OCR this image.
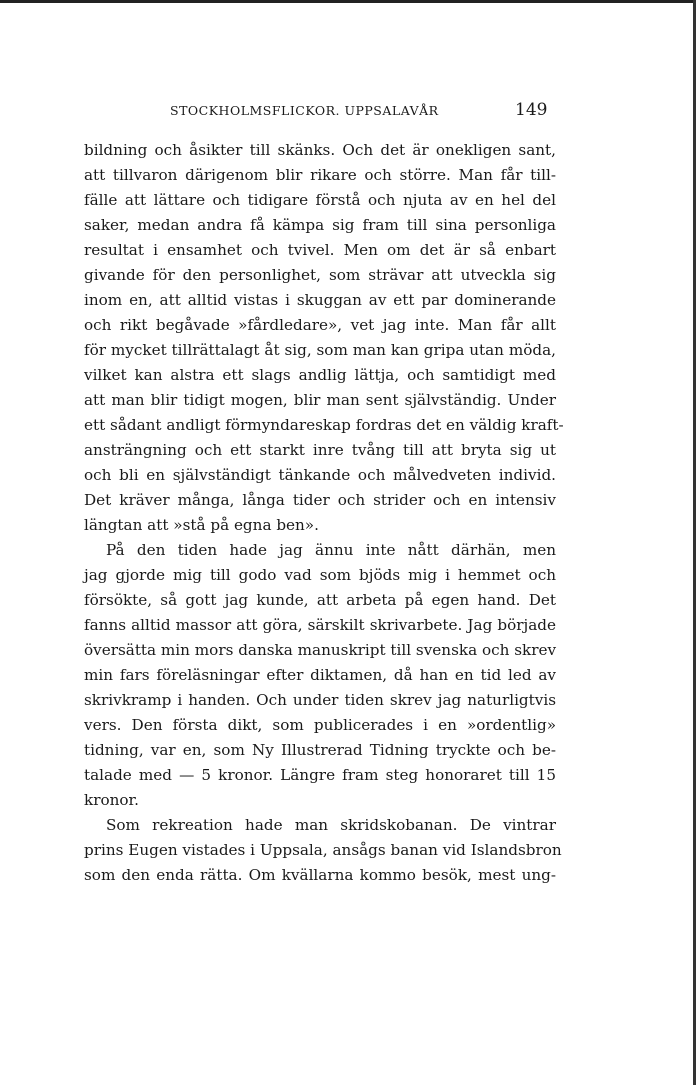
STOCKHOLMSFLICKOR. UPPSALAVÅR	149
bildning och åsikter till skänks. Och det är onekligen sant,
att tillvaron därigenom blir rikare och större. Man får till-
fälle att lättare och tidigare förstå och njuta av en hel del
saker, medan andra få kämpa sig fram till sina personliga
resultat i ensamhet och tvivel. Men om det är så enbart
givande för den personlighet, som strävar att utveckla sig
inom en, att alltid vistas i skuggan av ett par dominerande
och rikt begåvade »fårdledare», vet jag inte. Man får allt
för mycket tillrättalagt åt sig, som man kan gripa utan möda,
vilket kan alstra ett slags andlig lättja, och samtidigt med
att man blir tidigt mogen, blir man sent självständig. Under
ett sådant andligt förmyndareskap fordras det en väldig kraft-
ansträngning och ett starkt inre tvång till att bryta sig ut
och bli en självständigt tänkande och målvedveten individ.
Det kräver många, långa tider och strider och en intensiv
längtan att »stå på egna ben».
På den tiden hade jag ännu inte nått därhän, men
jag gjorde mig till godo vad som bjöds mig i hemmet och
försökte, så gott jag kunde, att arbeta på egen hand. Det
fanns alltid massor att göra, särskilt skrivarbete. Jag började
översätta min mors danska manuskript till svenska och skrev
min fars föreläsningar efter diktamen, då han en tid led av
skrivkramp i handen. Och under tiden skrev jag naturligtvis
vers. Den första dikt, som publicerades i en »ordentlig»
tidning, var en, som Ny Illustrerad Tidning tryckte och be-
talade med — 5 kronor. Längre fram steg honoraret till 15
kronor.
Som rekreation hade man skridskobanan. De vintrar
prins Eugen vistades i Uppsala, ansågs banan vid Islandsbron
som den enda rätta. Om kvällarna kommo besök, mest ung-
